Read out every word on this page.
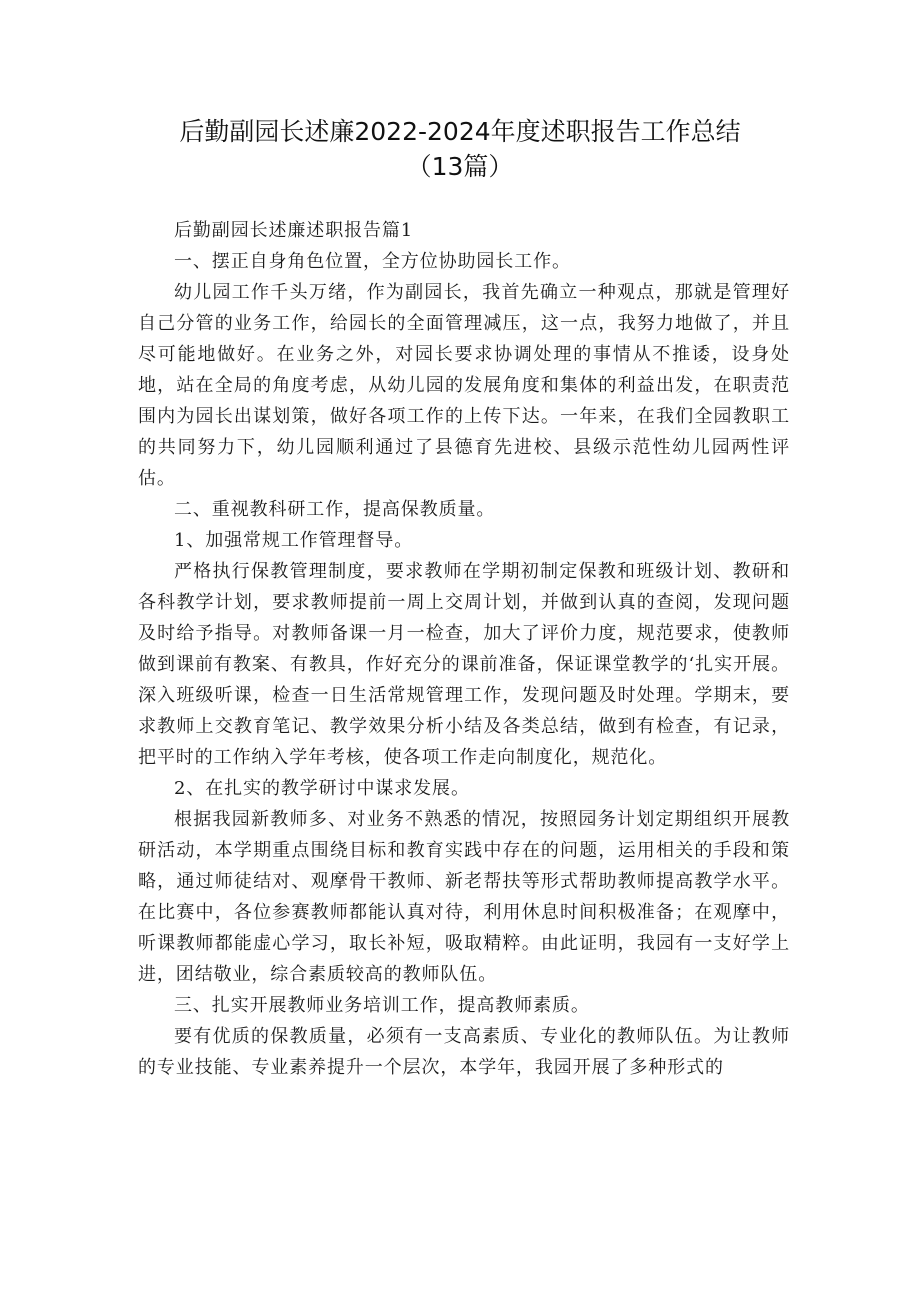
后勤副园长述廉2022-2024年度述职报告工作总结
（13篇）

后勤副园长述廉述职报告篇1

一、摆正自身角色位置，全方位协助园长工作。

幼儿园工作千头万绪，作为副园长，我首先确立一种观点，那就是管理好自己分管的业务工作，给园长的全面管理减压，这一点，我努力地做了，并且尽可能地做好。在业务之外，对园长要求协调处理的事情从不推诿，设身处地，站在全局的角度考虑，从幼儿园的发展角度和集体的利益出发，在职责范围内为园长出谋划策，做好各项工作的上传下达。一年来，在我们全园教职工的共同努力下，幼儿园顺利通过了县德育先进校、县级示范性幼儿园两性评估。

二、重视教科研工作，提高保教质量。

1、加强常规工作管理督导。

严格执行保教管理制度，要求教师在学期初制定保教和班级计划、教研和各科教学计划，要求教师提前一周上交周计划，并做到认真的查阅，发现问题及时给予指导。对教师备课一月一检查，加大了评价力度，规范要求，使教师做到课前有教案、有教具，作好充分的课前准备，保证课堂教学的‘扎实开展。深入班级听课，检查一日生活常规管理工作，发现问题及时处理。学期末，要求教师上交教育笔记、教学效果分析小结及各类总结，做到有检查，有记录，把平时的工作纳入学年考核，使各项工作走向制度化，规范化。

2、在扎实的教学研讨中谋求发展。

根据我园新教师多、对业务不熟悉的情况，按照园务计划定期组织开展教研活动，本学期重点围绕目标和教育实践中存在的问题，运用相关的手段和策略，通过师徒结对、观摩骨干教师、新老帮扶等形式帮助教师提高教学水平。在比赛中，各位参赛教师都能认真对待，利用休息时间积极准备；在观摩中，听课教师都能虚心学习，取长补短，吸取精粹。由此证明，我园有一支好学上进，团结敬业，综合素质较高的教师队伍。

三、扎实开展教师业务培训工作，提高教师素质。

要有优质的保教质量，必须有一支高素质、专业化的教师队伍。为让教师的专业技能、专业素养提升一个层次，本学年，我园开展了多种形式的
